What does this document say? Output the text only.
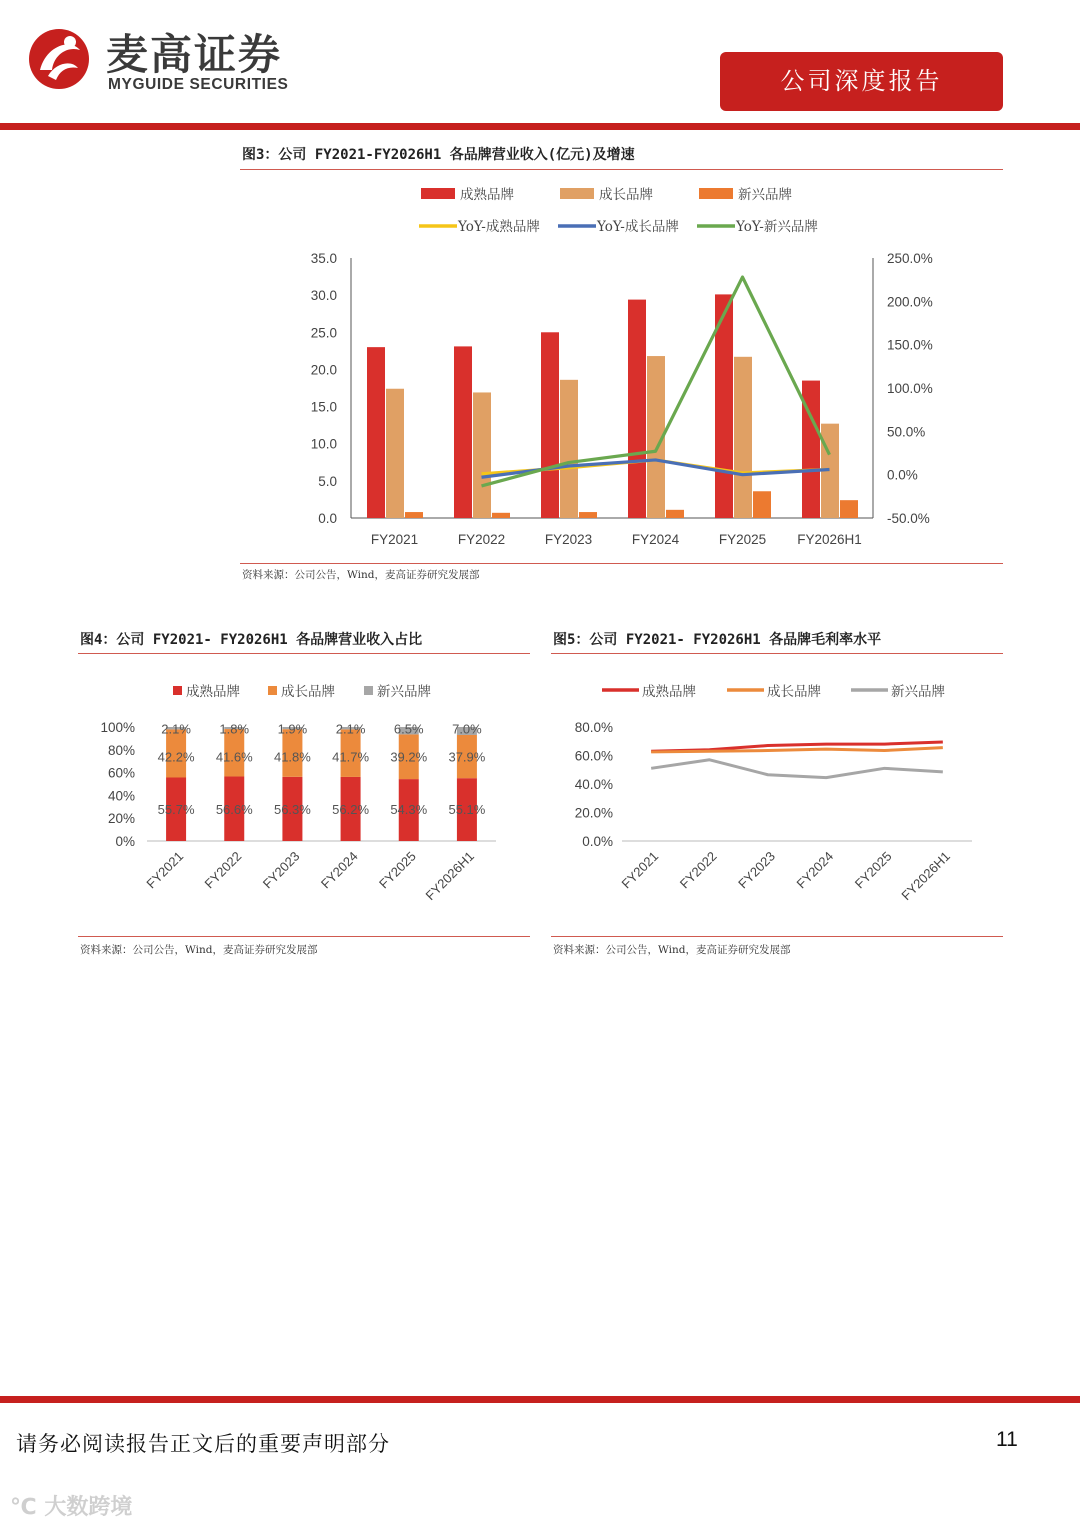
麦高证券
MYGUIDE SECURITIES	公司深度报告
图3：公司 FY2021-FY2026H1 各品牌营业收入(亿元)及增速
0.0
5.0
10.0
15.0
20.0
25.0
30.0
35.0
-50.0%
0.0%
50.0%
100.0%
150.0%
200.0%
250.0%
FY2021	FY2022	FY2023	FY2024	FY2025 FY2026H1
成熟品牌	成长品牌	新兴品牌
YoY-成熟品牌	YoY-成长品牌	YoY-新兴品牌
资料来源：公司公告，Wind，麦高证券研究发展部
图4：公司 FY2021- FY2026H1 各品牌营业收入占比
0%
20%
40%
60%
80%
100%
55.7%
42.2%
2.1%
FY2021
56.6%
41.6%
1.8%
FY2022
56.3%
41.8%
1.9%
FY2023
56.2%
41.7%
2.1%
FY2024
54.3%
39.2%
6.5%
FY2025
55.1%
37.9%
7.0%
FY2026H1
成熟品牌	成长品牌	新兴品牌
资料来源：公司公告，Wind，麦高证券研究发展部
图5：公司 FY2021- FY2026H1 各品牌毛利率水平
0.0%
20.0%
40.0%
60.0%
80.0%
FY2021 FY2022 FY2023 FY2024 FY2025 FY2026H1
成熟品牌	成长品牌	新兴品牌
资料来源：公司公告，Wind，麦高证券研究发展部
请务必阅读报告正文后的重要声明部分	11
℃ 大数跨境
